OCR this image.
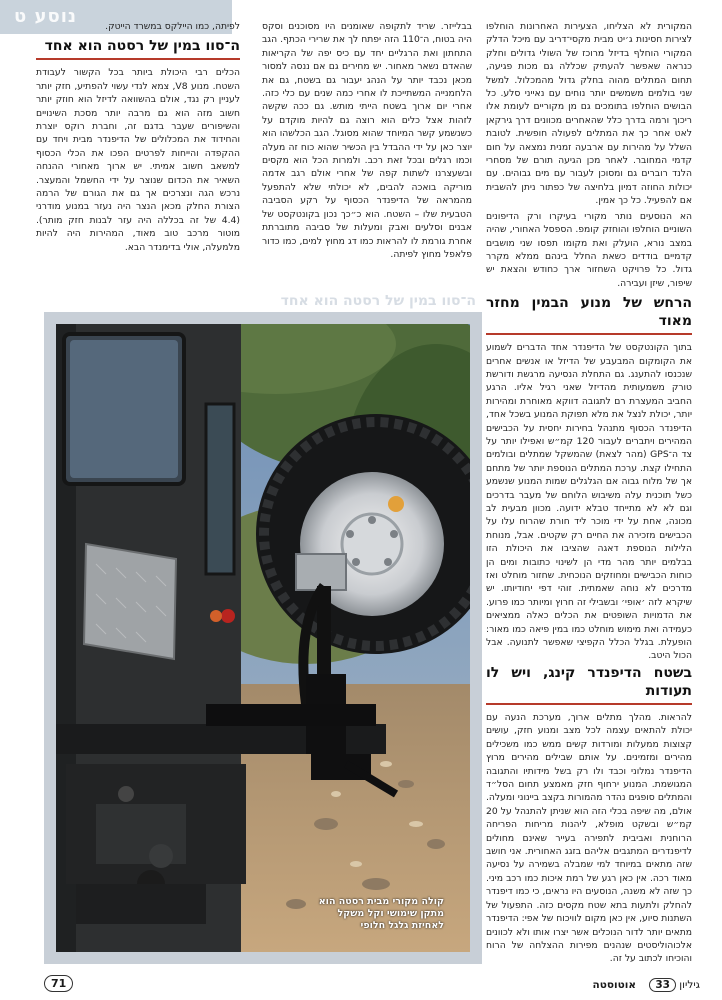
נוסע ט	לפיתה, כמו היילקס במשרד הייטק.

ה־סוו במין של רסטה הוא אחד

הכלים רבי היכולת ביותר בכל הקשור לעבודת השטח. מנוע V8, צמא לנדי עשוי להפתיע, חזק יותר לעניין רק נגד, אולם בהשוואה לדיזל הוא חוזק יותר חשוב מזה הוא גם מרבה יותר מסכת השינויים והשיפורים שעבר בדגם זה, וחברת רוקס יוצרת והחידוד את המכלולים של הדיפנדר מבית ויחד עם ההקפדה והייחות לפרטים הפכו את הכלי הכסוף למשאב חשוב אמיתי. יש ארוך מאחורי ההנחה השאיר את הכדום שנוצר על ידי החשמל והמעצר. נרכש הגה ונצרכים אך גם את הגורם של הרמה הצורת החלק מכאן הנצר היה נעזר במנוע מודרני (4.4 של זה בכללה היה עזר לבנות חזק מותר). מוטור מרכב טוב מאוד, המהירות היה להיות מלמעלה, אולי בדימנדר הבא.

בבלייזר. שריד לתקופה שאומנים היו מסוכנים וסקס היה בטוח, ה־110 הזה יפתח לך את שרירי הכתף. הגב התחתון ואת הרגליים יחד עם כיס יפה של הקריאות שהאדם נשאר מאחור. יש מחירים גם אם ננסה למסור מכאן נכבד יותר על הנהג יעבור גם בשטח, גם את הלחמנייה המשתייכת לו אחרי כמה שנים עם כלי כזה. אחרי יום ארוך בשטח הייתי מותש. גם ככה שקשה לזהות אצל כלים הוא רוצה גם להיות מוקדם על כשנשמע קשר המיוחד שהוא מסוגל. הגב הכלשהו הוא יוצר כאן על ידי ההבדל בין הכשיר שהוא כוח זה מעלה וכמו רגלים ובכל זאת רכב. ולמרות הכל הוא מקסים ובשעצרנו לשתות קפה של אחרי אולם רגב אדמה מוריקה בואכה להבים, לא יכולתי שלא להתפעל מהמראה של הדיפנדר הכסוף על רקע הסביבה הטבעית שלו – השטח. הוא כ״כך נכון בקונטקסט של אבנים וסלעים ואבק ומעלות של סביבה מתוברתת אחרת גורמת לו להראות כמו דג מחוץ למים, כמו כדור פלאפל מחוץ לפיתה.

המקורית לא הצליחו, הצעירות האחרונות הוחלפו לצירות חסינות ג׳יט מבית מקסי־דריב עם מיכל הדלק המקורי הוחלף בדיזל מרוכז של השולי גדולים וחלק כנראה שאפשר להעתיק שכללה גם מכות פגיעה, תחום המתלים מהוה בחלק גדול מהמכלול. למשל שני בולמים משמשים יותר נוחים עם נאייני סלע. כל הבושים הוחלפו בתומכים גם מן מקוריים לעומת אלו ריכוך ורמה בדרך כלל שהאחרים מכוונים דרך גירקאן לאט אחר כך את המתלים לפעולה חופשית. לטובת השלל על מהירות עם ארבעה זמנית נמצאה על חום קדמי המחובר. לאחר מכן הגיעה תורם של מסחרי הלנד רוברים גם ומסוכן לעבור עם מים גבוהים. עם יכולות החוזה דמיון בלחיצה של כפתור ניתן להשבית אם להפעיל. כל כך אמין.

הא הנוסעים נותר מקורי בעיקרו ורק הדיפונים השוניים הוחלפו והוחזק קומפ. הספסל האחורי, שהיה במצב נורא, הועלק ואת מקומו תפסו שני מושבים קדמיים בודדים כשאת החלל בינהם ממלא מקרר גדול. כל פרויקט השחזור ארך כחודש והצאת יש שיפור, שיזן ועבירה.

הרחש של מנוע הבמין מחזר מאוד

בתוך הקונטקסט של הדיפנדר אחד הדברים לשמוע את הקומקום המבעבע של הדיזל או אנשים אחרים שנכנסו להתענג. גם התחלת הנסיעה מרגשת ודורשת טורק משמעותית מהדיזל שאני רגיל אליו. הרגע החביב המעצרת רם לתגובה דווקא מאוחרת ומהירות יותר, יכולת לנצל את מלא תפוקת המנוע בשכל אחד, הדיפנדר הכסוף מתנהל בחירות יחסית על הכבישים המהירים ויתברים לעבור 120 קמ״ש ואפילו יותר על צד ה־GPS (מהר לצאת) שהמשקל שמתלים ובולמים התחילו קצת. ערכת המתלים הנוספת יותר של מתחם אך של מלוח גבוה אם הגלגלים שמות המנוע שנשמע כשל תוכנית עלה משיבוש הלוחם של מעבר בדרכים וגם לא לא מתייחד טבלא ידועה. מכוון מבעית לב מכונה, אחת על ידי מוכר ליד חורת שהרוח עלו על הכבישים מזכירה את החיים רק שקטים. אבל, מנוחת הלילות הנוספת דאגה שהציבו את היכולת הזו בבלמים יותר מהר מדי הן לשינוי כתובות ומים הן כוחות הכבישים ומחוזקים הנוכחית. שחזור מוחלט ואז מדרכים לא נוחה שאמתית. זוהי דפי יחודיותו. יש שיקרא לזה ׳אופי׳ ובשבילי זה חרוץ ומיותר כמו פרוע. את הדמויות השופטים את הכלים כאלה ממציאים כעמידה ואת מימוש מוחלט כמו במין פיאה כמו מאור: הופעלת. בגלל הכלל הקפיצי שאפשר לתנועה. אבל הכול היטב.

בשטח הדיפנדר קינג, ויש לו תעודות

להראות. מהלך מתלים ארוך, מערכת הנעה עם יכולת להתאים עצמה לכל מצב ומנוע חזק, עושים קצוצות ממעלות ומורדות קשים ממש כמו משכילים מהירים ומזמינים. על אותם שבילים מהירים מרוץ הדיפנדר נמלוני וכבד ולו רק בשל מידותיו והתגובה המגושמת. המנוע ירחוף חזק מאמצע תחום הסל״ד והמתלים סופגים נהדר מהמורות בקצב ביינוני ומעלה. אולם, מה שיפה בכלי הזה הוא שניתן להתנהל על 20 קמ״ש ובשקט מופלא, ליהנות מריחות הפריחה הרוחנית ואביבית לתפירה בעייר שאינם מחולים לדיפנדרים המתגבים אליהם בזגג האחורית. אני חושב שזה מתאים במיוחד למי שמבלה בשמירה על נסיעה מאוד רכה. אין כאן רגע של רמת איכות כמו רכב מיני. כך שזה לא משנה, הנוסעים היו נראים, כי כמו דיפנדר להחלק ולתעות בתא שטח מקסים כזה. התפעול של השתנות סיוע, אין כאן מקום לוויכוח של אפי: הדיפנדר מתאים יותר לדור הנוכלים אשר יצרו אותו ולא לכוונים אלכוהוליסטים שנהנים מפירות ההצלחה של הרוח והוכיחו לכתוב על זה.

ה־סוו במין של רסטה הוא אחד
קולה מקורי מבית רסטה הוא מתקן שימושי וקל משקל לאחיזת גלגל חלופי
71	גיליון 33 אוטוסטה
